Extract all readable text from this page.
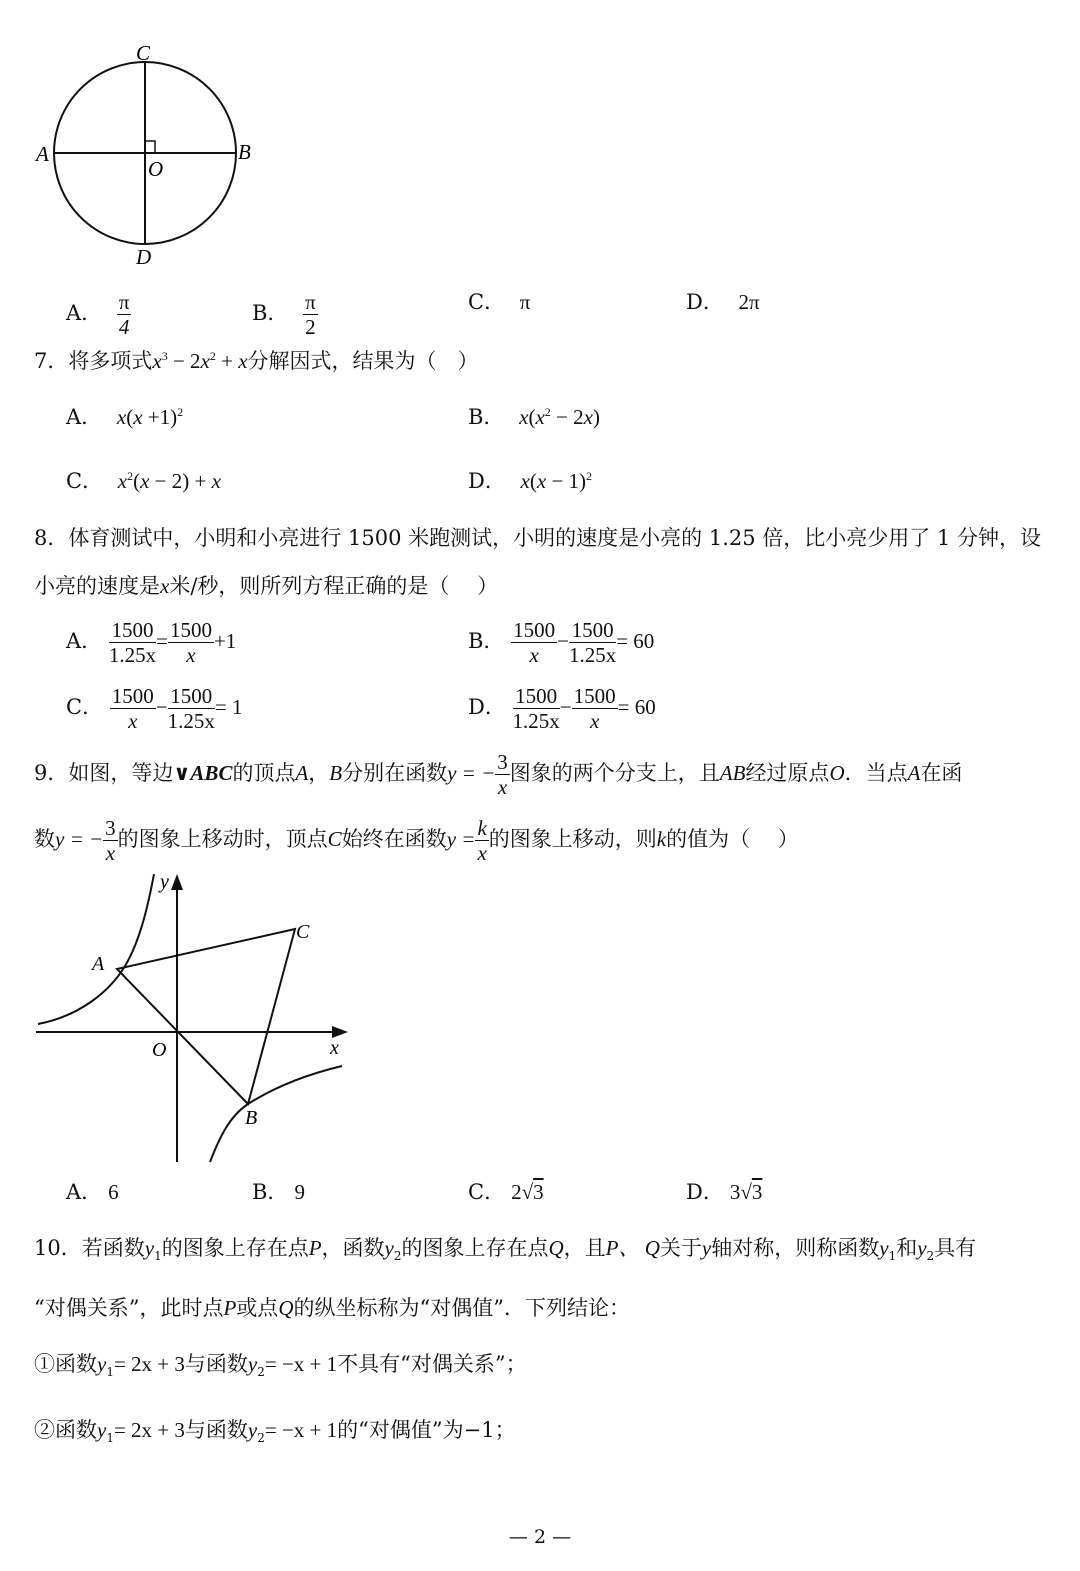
C
A	B
O
D
A． $\frac{\pi}{4}$	B． $\frac{\pi}{2}$	C． π	D． 2π
7．将多项式$x^3 - 2x^2 + x$分解因式，结果为（　）
A． $x(x +1)^2$	B． $x(x^2 - 2x)$
C． $x^2(x - 2) + x$	D． $x(x - 1)^2$
8．体育测试中，小明和小亮进行 1500 米跑测试，小明的速度是小亮的 1.25 倍，比小亮少用了 1 分钟，设
小亮的速度是x米/秒，则所列方程正确的是（　 ）
A． $\frac{1500}{1.25x} = \frac{1500}{x} +1$	B． $\frac{1500}{x} - \frac{1500}{1.25x} = 60$
C． $\frac{1500}{x} - \frac{1500}{1.25x} = 1$	D． $\frac{1500}{1.25x} - \frac{1500}{x} = 60$
9．如图，等边∨ABC的顶点A，B分别在函数y = − $\frac{3}{x}$ 图象的两个分支上，且AB经过原点O．当点A在函
数y = − $\frac{3}{x}$ 的图象上移动时，顶点C始终在函数$y = \frac{k}{x}$ 的图象上移动，则k的值为（　 ）
y
x
A
C
O
B
A． 6	B． 9	C． 2√3	D． 3√3
10．若函数$y_1$的图象上存在点P，函数$y_2$的图象上存在点Q，且P、 Q关于y轴对称，则称函数$y_1$和$y_2$具有
“对偶关系”，此时点P或点Q的纵坐标称为“对偶值”．下列结论：
①函数$y_1= 2x + 3$与函数$y_2= -x + 1$不具有“对偶关系”；
②函数$y_1= 2x + 3$与函数$y_2= -x + 1$的“对偶值”为−1；
— 2 —
